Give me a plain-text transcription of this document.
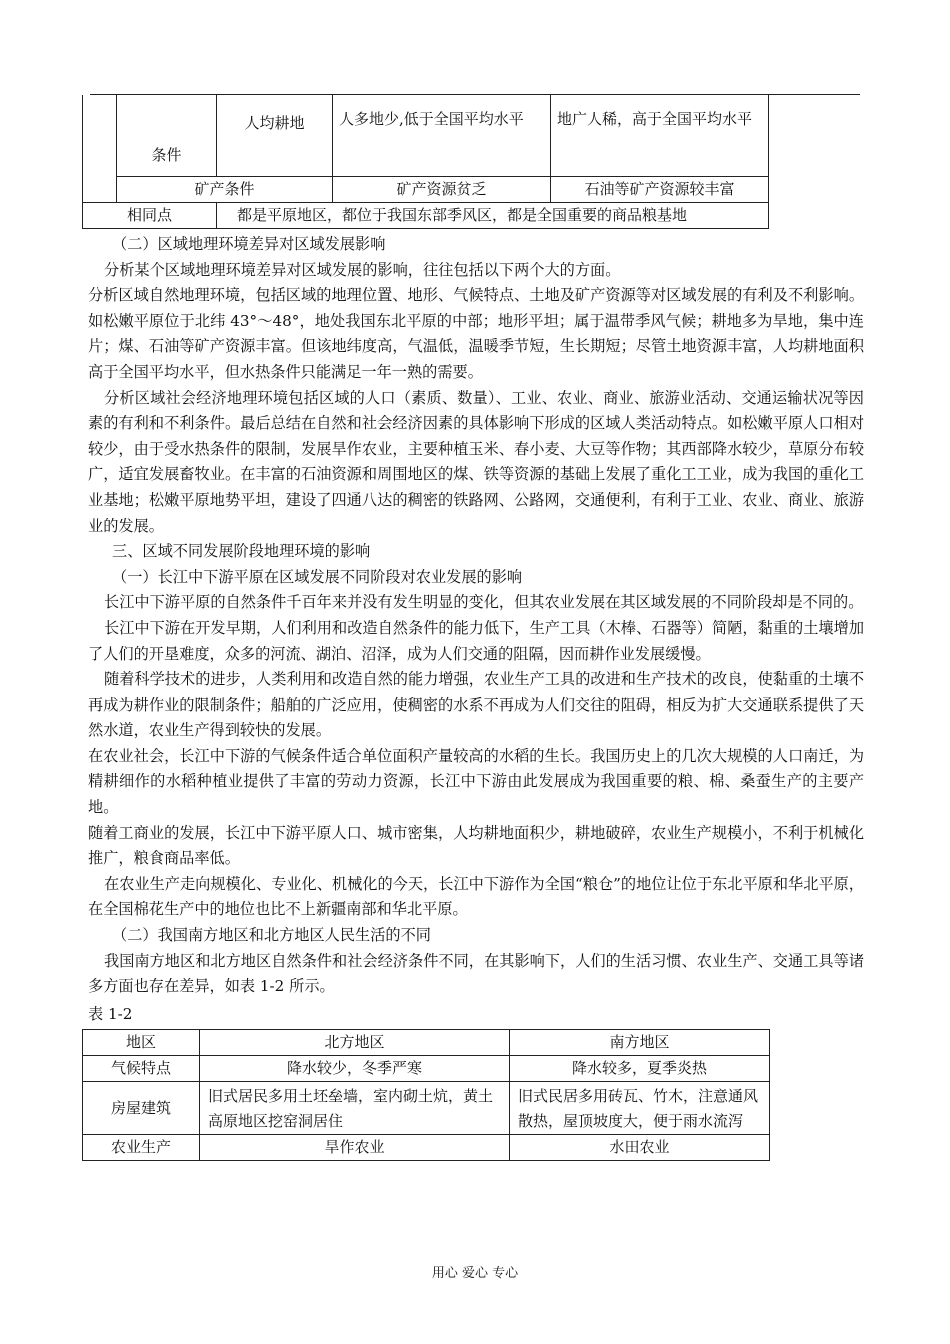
	条件	人均耕地	人多地少,低于全国平均水平	地广人稀，高于全国平均水平
	矿产条件		矿产资源贫乏	石油等矿产资源较丰富
相同点		都是平原地区，都位于我国东部季风区，都是全国重要的商品粮基地		

（二）区域地理环境差异对区域发展影响

分析某个区域地理环境差异对区域发展的影响，往往包括以下两个大的方面。

分析区域自然地理环境，包括区域的地理位置、地形、气候特点、土地及矿产资源等对区域发展的有利及不利影响。如松嫩平原位于北纬 43°～48°，地处我国东北平原的中部；地形平坦；属于温带季风气候；耕地多为旱地，集中连片；煤、石油等矿产资源丰富。但该地纬度高，气温低，温暖季节短，生长期短；尽管土地资源丰富，人均耕地面积高于全国平均水平，但水热条件只能满足一年一熟的需要。

分析区域社会经济地理环境包括区域的人口（素质、数量）、工业、农业、商业、旅游业活动、交通运输状况等因素的有利和不利条件。最后总结在自然和社会经济因素的具体影响下形成的区域人类活动特点。如松嫩平原人口相对较少，由于受水热条件的限制，发展旱作农业，主要种植玉米、春小麦、大豆等作物；其西部降水较少，草原分布较广，适宜发展畜牧业。在丰富的石油资源和周围地区的煤、铁等资源的基础上发展了重化工工业，成为我国的重化工业基地；松嫩平原地势平坦，建设了四通八达的稠密的铁路网、公路网，交通便利，有利于工业、农业、商业、旅游业的发展。

三、区域不同发展阶段地理环境的影响

（一）长江中下游平原在区域发展不同阶段对农业发展的影响

长江中下游平原的自然条件千百年来并没有发生明显的变化，但其农业发展在其区域发展的不同阶段却是不同的。

长江中下游在开发早期，人们利用和改造自然条件的能力低下，生产工具（木棒、石器等）简陋，黏重的土壤增加了人们的开垦难度，众多的河流、湖泊、沼泽，成为人们交通的阻隔，因而耕作业发展缓慢。

随着科学技术的进步，人类利用和改造自然的能力增强，农业生产工具的改进和生产技术的改良，使黏重的土壤不再成为耕作业的限制条件；船舶的广泛应用，使稠密的水系不再成为人们交往的阻碍，相反为扩大交通联系提供了天然水道，农业生产得到较快的发展。

在农业社会，长江中下游的气候条件适合单位面积产量较高的水稻的生长。我国历史上的几次大规模的人口南迁，为精耕细作的水稻种植业提供了丰富的劳动力资源，长江中下游由此发展成为我国重要的粮、棉、桑蚕生产的主要产地。

随着工商业的发展，长江中下游平原人口、城市密集，人均耕地面积少，耕地破碎，农业生产规模小，不利于机械化推广，粮食商品率低。

在农业生产走向规模化、专业化、机械化的今天，长江中下游作为全国“粮仓”的地位让位于东北平原和华北平原，在全国棉花生产中的地位也比不上新疆南部和华北平原。

（二）我国南方地区和北方地区人民生活的不同

我国南方地区和北方地区自然条件和社会经济条件不同，在其影响下，人们的生活习惯、农业生产、交通工具等诸多方面也存在差异，如表 1-2 所示。

表 1-2

地区	北方地区	南方地区
气候特点	降水较少，冬季严寒	降水较多，夏季炎热
房屋建筑	旧式居民多用土坯垒墙，室内砌土炕，黄土高原地区挖窑洞居住	旧式民居多用砖瓦、竹木，注意通风散热，屋顶坡度大，便于雨水流泻
农业生产	旱作农业	水田农业
用心 爱心 专心
